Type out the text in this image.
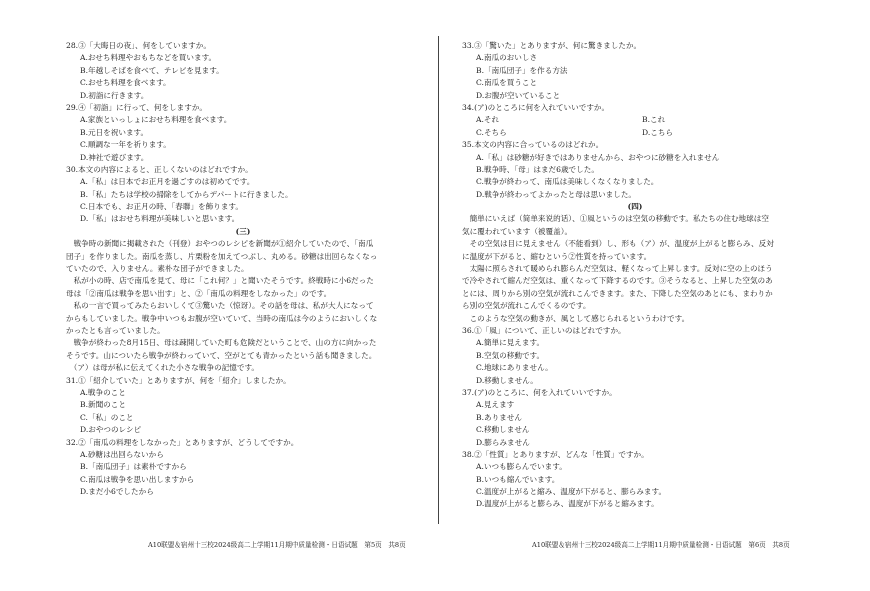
28.③「大晦日の夜」、何をしていますか。
A.おせち料理やおもちなどを買います。
B.年越しそばを食べて、テレビを見ます。
C.おせち料理を食べます。
D.初詣に行きます。
29.④「初詣」に行って、何をしますか。
A.家族といっしょにおせち料理を食べます。
B.元日を祝います。
C.順調な一年を祈ります。
D.神社で遊びます。
30.本文の内容によると、正しくないのはどれですか。
A.「私」は日本でお正月を過ごすのは初めてです。
B.「私」たちは学校の掃除をしてからデパートに行きました。
C.日本でも、お正月の時、「春聯」を飾ります。
D.「私」はおせち料理が美味しいと思います。
(三)
　戦争時の新聞に掲載された（刊登）おやつのレシピを新聞が①紹介していたので、「南瓜
団子」を作りました。南瓜を蒸し、片栗粉を加えてつぶし、丸める。砂糖は出回らなくなっ
ていたので、入りません。素朴な団子ができました。
　私が小の時、店で南瓜を見て、母に「これ何？」と聞いたそうです。終戦時に小6だった
母は「②南瓜は戦争を思い出す」と、②「南瓜の料理をしなかった」のです。
　私の一言で買ってみたらおいしくて③驚いた（惊讶）。その話を母は、私が大人になって
からもしていました。戦争中いつもお腹が空いていて、当時の南瓜は今のようにおいしくな
かったとも言っていました。
　戦争が終わった8月15日、母は疎開していた町も危険だということで、山の方に向かった
そうです。山についたら戦争が終わっていて、空がとても青かったという話も聞きました。
　（ア）は母が私に伝えてくれた小さな戦争の記憶です。
31.①「紹介していた」とありますが、何を「紹介」しましたか。
A.戦争のこと
B.新聞のこと
C.「私」のこと
D.おやつのレシピ
32.②「南瓜の料理をしなかった」とありますが、どうしてですか。
A.砂糖は出回らないから
B.「南瓜団子」は素朴ですから
C.南瓜は戦争を思い出しますから
D.まだ小6でしたから
33.③「驚いた」とありますが、何に驚きましたか。
A.南瓜のおいしさ
B.「南瓜団子」を作る方法
C.南瓜を買うこと
D.お腹が空いていること
34.(ア)のところに何を入れていいですか。
A.それ	B.これ
C.そちら	D.こちら
35.本文の内容に合っているのはどれか。
A.「私」は砂糖が好きではありませんから、おやつに砂糖を入れません
B.戦争時、「母」はまだ6歳でした。
C.戦争が終わって、南瓜は美味しくなくなりました。
D.戦争が終わってよかったと母は思いました。
(四)
　簡単にいえば（简单来说的话）、①風というのは空気の移動です。私たちの住む地球は空
気に覆われています（被覆盖）。
　その空気は目に見えません（不能看到）し、形も（ア）が、温度が上がると膨らみ、反対
に温度が下がると、縮むという②性質を持っています。
　太陽に照らされて暖められ膨らんだ空気は、軽くなって上昇します。反対に空の上のほう
で冷やされて縮んだ空気は、重くなって下降するのです。③そうなると、上昇した空気のあ
とには、周りから別の空気が流れこんできます。また、下降した空気のあとにも、まわりか
ら別の空気が流れこんでくるのです。
　このような空気の動きが、風として感じられるというわけです。
36.①「風」について、正しいのはどれですか。
A.簡単に見えます。
B.空気の移動です。
C.地球にありません。
D.移動しません。
37.(ア)のところに、何を入れていいですか。
A.見えます
B.ありません
C.移動しません
D.膨らみません
38.②「性質」とありますが、どんな「性質」ですか。
A.いつも膨らんでいます。
B.いつも縮んでいます。
C.温度が上がると縮み、温度が下がると、膨らみます。
D.温度が上がると膨らみ、温度が下がると縮みます。
A10联盟＆宿州十三校2024级高二上学期11月期中质量检测・日语试题　第5页　共8页	A10联盟＆宿州十三校2024级高二上学期11月期中质量检测・日语试题　第6页　共8页
